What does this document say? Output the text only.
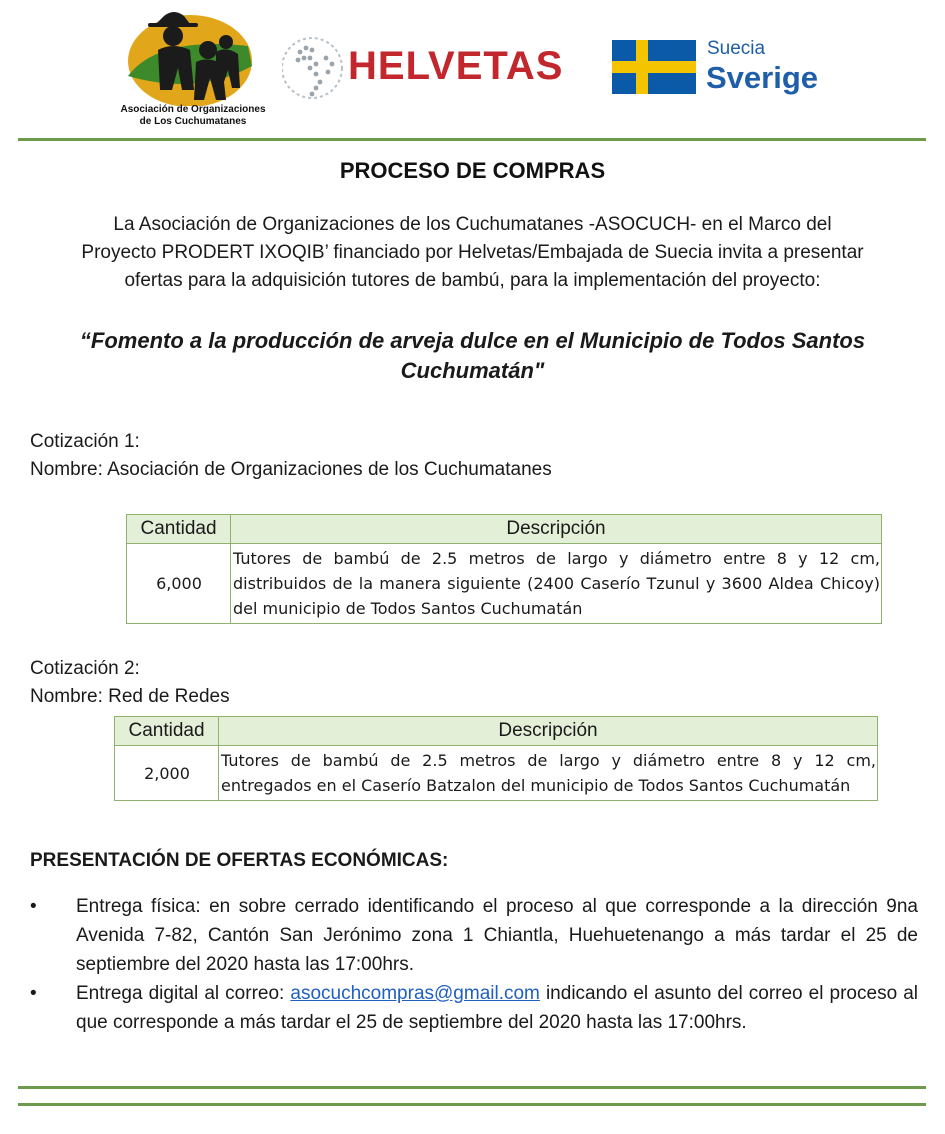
Asociación de Organizaciones
de Los Cuchumatanes
HELVETAS	Suecia
Sverige
PROCESO DE COMPRAS
La Asociación de Organizaciones de los Cuchumatanes -ASOCUCH- en el Marco del
Proyecto PRODERT IXOQIB’ financiado por Helvetas/Embajada de Suecia invita a presentar
ofertas para la adquisición tutores de bambú, para la implementación del proyecto:
“Fomento a la producción de arveja dulce en el Municipio de Todos Santos
Cuchumatán"
Cotización 1:
Nombre: Asociación de Organizaciones de los Cuchumatanes
Cantidad	Descripción
6,000	Tutores de bambú de 2.5 metros de largo y diámetro entre 8 y 12 cm, distribuidos de la manera siguiente (2400 Caserío Tzunul y 3600 Aldea Chicoy) del municipio de Todos Santos Cuchumatán
Cotización 2:
Nombre: Red de Redes
Cantidad	Descripción
2,000	Tutores de bambú de 2.5 metros de largo y diámetro entre 8 y 12 cm, entregados en el Caserío Batzalon del municipio de Todos Santos Cuchumatán
PRESENTACIÓN DE OFERTAS ECONÓMICAS:
• Entrega física: en sobre cerrado identificando el proceso al que corresponde a la dirección 9na Avenida 7-82, Cantón San Jerónimo zona 1 Chiantla, Huehuetenango a más tardar el 25 de septiembre del 2020 hasta las 17:00hrs.
• Entrega digital al correo: asocuchcompras@gmail.com indicando el asunto del correo el proceso al que corresponde a más tardar el 25 de septiembre del 2020 hasta las 17:00hrs.
